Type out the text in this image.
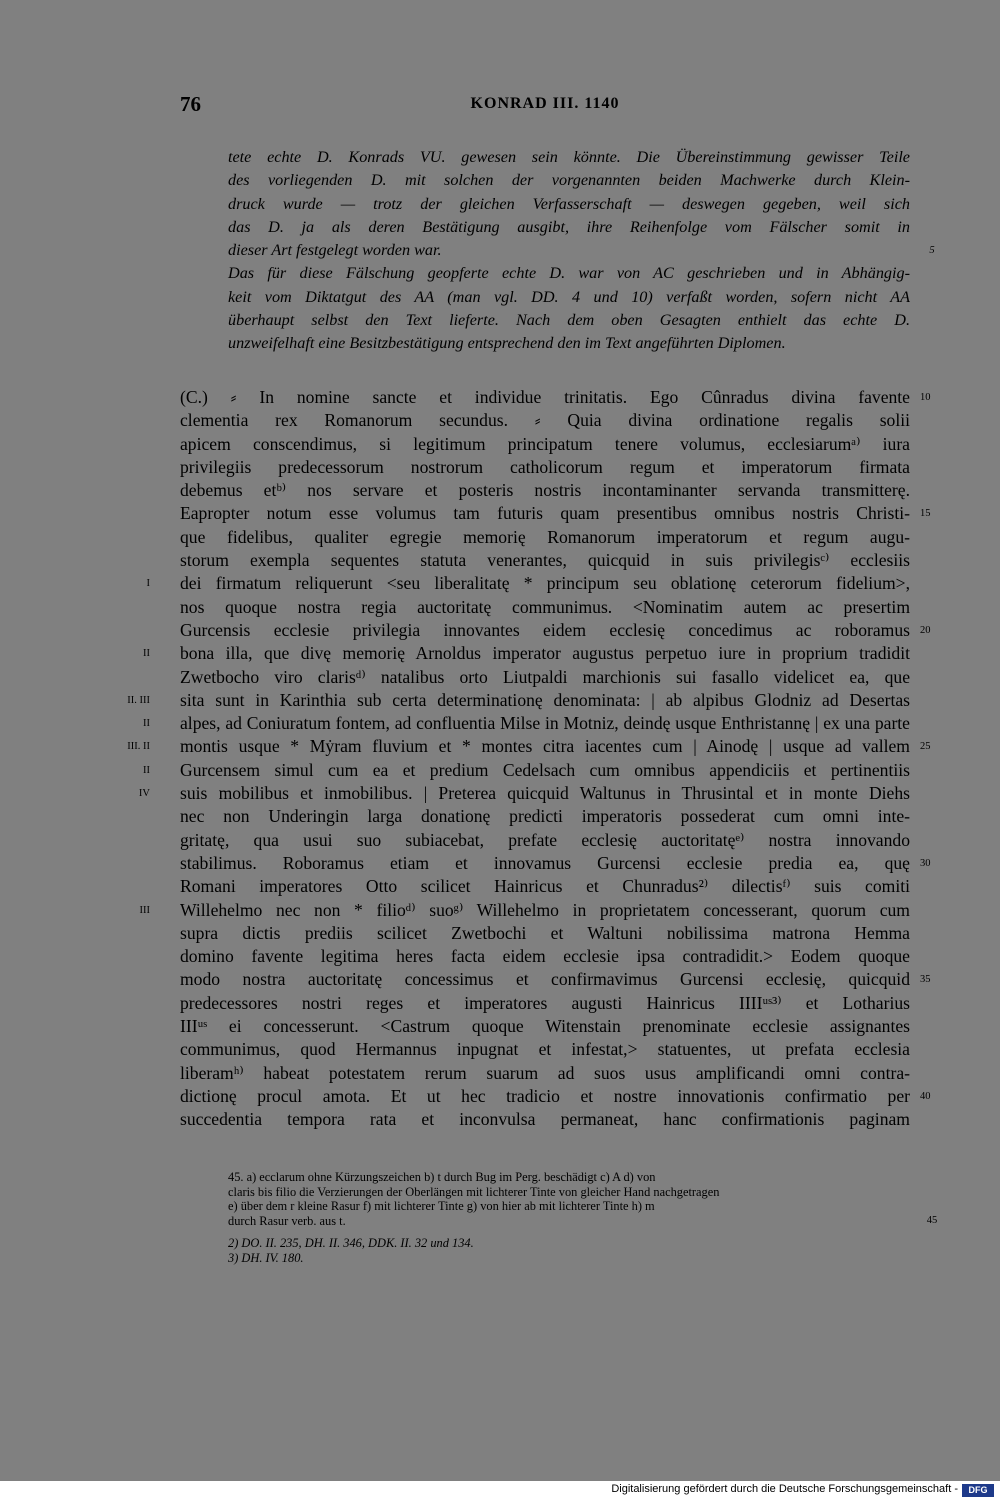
76	KONRAD III. 1140
tete echte D. Konrads VU. gewesen sein könnte. Die Übereinstimmung gewisser Teile
des vorliegenden D. mit solchen der vorgenannten beiden Machwerke durch Klein-
druck wurde — trotz der gleichen Verfasserschaft — deswegen gegeben, weil sich
das D. ja als deren Bestätigung ausgibt, ihre Reihenfolge vom Fälscher somit in
dieser Art festgelegt worden war.	5
Das für diese Fälschung geopferte echte D. war von AC geschrieben und in Abhängig-
keit vom Diktatgut des AA (man vgl. DD. 4 und 10) verfaßt worden, sofern nicht AA
überhaupt selbst den Text lieferte. Nach dem oben Gesagten enthielt das echte D.
unzweifelhaft eine Besitzbestätigung entsprechend den im Text angeführten Diplomen.
(C.) ⸗ In nomine sancte et individue trinitatis. Ego Cûnradus divina favente 10
clementia rex Romanorum secundus. ⸗ Quia divina ordinatione regalis solii
apicem conscendimus, si legitimum principatum tenere volumus, ecclesiarumᵃ⁾ iura
privilegiis predecessorum nostrorum catholicorum regum et imperatorum firmata
debemus etᵇ⁾ nos servare et posteris nostris incontaminanter servanda transmitterę.
Eapropter notum esse volumus tam futuris quam presentibus omnibus nostris Christi- 15
que fidelibus, qualiter egregie memorię Romanorum imperatorum et regum augu-
storum exempla sequentes statuta venerantes, quicquid in suis privilegisᶜ⁾ ecclesiis
dei firmatum reliquerunt <seu liberalitatę * principum seu oblationę ceterorum fidelium>,
I
nos quoque nostra regia auctoritatę communimus. <Nominatim autem ac presertim
Gurcensis ecclesie privilegia innovantes eidem ecclesię concedimus ac roboramus 20
bona illa, que divę memorię Arnoldus imperator augustus perpetuo iure in proprium tradidit
II
Zwetbocho viro clarisᵈ⁾ natalibus orto Liutpaldi marchionis sui fasallo videlicet ea, que
sita sunt in Karinthia sub certa determinationę denominata: | ab alpibus Glodniz ad Desertas
II. III
alpes, ad Coniuratum fontem, ad confluentia Milse in Motniz, deindę usque Enthristannę | ex una parte
II
montis usque * Mẏram fluvium et * montes citra iacentes cum | Ainodę | usque ad vallem 25
III. II
Gurcensem simul cum ea et predium Cedelsach cum omnibus appendiciis et pertinentiis
II
suis mobilibus et inmobilibus. | Preterea quicquid Waltunus in Thrusintal et in monte Diehs
IV
nec non Underingin larga donationę predicti imperatoris possederat cum omni inte-
gritatę, qua usui suo subiacebat, prefate ecclesię auctoritatęᵉ⁾ nostra innovando
stabilimus. Roboramus etiam et innovamus Gurcensi ecclesie predia ea, quę 30
Romani imperatores Otto scilicet Hainricus et Chunradus²⁾ dilectisᶠ⁾ suis comiti
Willehelmo nec non * filioᵈ⁾ suoᵍ⁾ Willehelmo in proprietatem concesserant, quorum cum
III
supra dictis prediis scilicet Zwetbochi et Waltuni nobilissima matrona Hemma
domino favente legitima heres facta eidem ecclesie ipsa contradidit.> Eodem quoque
modo nostra auctoritatę concessimus et confirmavimus Gurcensi ecclesię, quicquid 35
predecessores nostri reges et imperatores augusti Hainricus IIIIᵘˢ³⁾ et Lotharius
IIIᵘˢ ei concesserunt. <Castrum quoque Witenstain prenominate ecclesie assignantes
communimus, quod Hermannus inpugnat et infestat,> statuentes, ut prefata ecclesia
liberamʰ⁾ habeat potestatem rerum suarum ad suos usus amplificandi omni contra-
dictionę procul amota. Et ut hec tradicio et nostre innovationis confirmatio per 40
succedentia tempora rata et inconvulsa permaneat, hanc confirmationis paginam
45. a) ecclarum ohne Kürzungszeichen b) t durch Bug im Perg. beschädigt c) A d) von
claris bis filio die Verzierungen der Oberlängen mit lichterer Tinte von gleicher Hand nachgetragen
e) über dem r kleine Rasur f) mit lichterer Tinte g) von hier ab mit lichterer Tinte h) m
durch Rasur verb. aus t.	45
2) DO. II. 235, DH. II. 346, DDK. II. 32 und 134.
3) DH. IV. 180.
Digitalisierung gefördert durch die Deutsche Forschungsgemeinschaft -	DFG
